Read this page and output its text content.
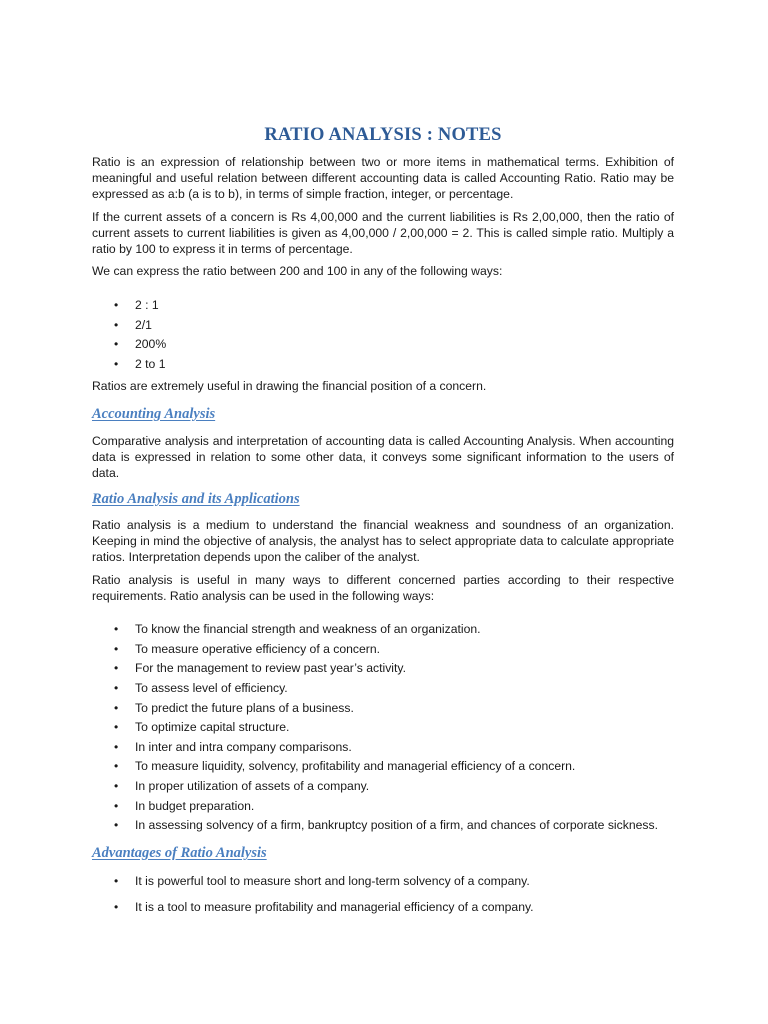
RATIO ANALYSIS : NOTES

Ratio is an expression of relationship between two or more items in mathematical terms. Exhibition of meaningful and useful relation between different accounting data is called Accounting Ratio. Ratio may be expressed as a:b (a is to b), in terms of simple fraction, integer, or percentage.

If the current assets of a concern is Rs 4,00,000 and the current liabilities is Rs 2,00,000, then the ratio of current assets to current liabilities is given as 4,00,000 / 2,00,000 = 2. This is called simple ratio. Multiply a ratio by 100 to express it in terms of percentage.

We can express the ratio between 200 and 100 in any of the following ways:

• 2 : 1
• 2/1
• 200%
• 2 to 1

Ratios are extremely useful in drawing the financial position of a concern.

Accounting Analysis

Comparative analysis and interpretation of accounting data is called Accounting Analysis. When accounting data is expressed in relation to some other data, it conveys some significant information to the users of data.

Ratio Analysis and its Applications

Ratio analysis is a medium to understand the financial weakness and soundness of an organization. Keeping in mind the objective of analysis, the analyst has to select appropriate data to calculate appropriate ratios. Interpretation depends upon the caliber of the analyst.

Ratio analysis is useful in many ways to different concerned parties according to their respective requirements. Ratio analysis can be used in the following ways:

• To know the financial strength and weakness of an organization.
• To measure operative efficiency of a concern.
• For the management to review past year’s activity.
• To assess level of efficiency.
• To predict the future plans of a business.
• To optimize capital structure.
• In inter and intra company comparisons.
• To measure liquidity, solvency, profitability and managerial efficiency of a concern.
• In proper utilization of assets of a company.
• In budget preparation.
• In assessing solvency of a firm, bankruptcy position of a firm, and chances of corporate sickness.
Advantages of Ratio Analysis
• It is powerful tool to measure short and long-term solvency of a company.
• It is a tool to measure profitability and managerial efficiency of a company.
